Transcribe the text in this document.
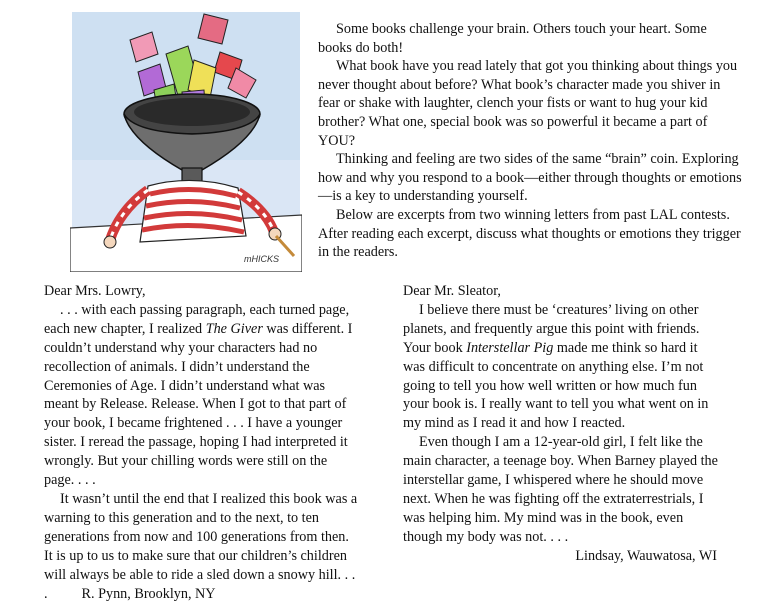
mHICKS

Some books challenge your brain. Others touch your heart. Some books do both!

What book have you read lately that got you thinking about things you never thought about before? What book’s character made you shiver in fear or shake with laughter, clench your fists or want to hug your kid brother? What one, special book was so powerful it became a part of YOU?

Thinking and feeling are two sides of the same “brain” coin. Exploring how and why you respond to a book—either through thoughts or emotions—is a key to understanding yourself.

Below are excerpts from two winning letters from past LAL contests. After reading each excerpt, discuss what thoughts or emotions they trigger in the readers.

Dear Mrs. Lowry,

. . . with each passing paragraph, each turned page, each new chapter, I realized The Giver was different. I couldn’t understand why your characters had no recollection of animals. I didn’t understand the Ceremonies of Age. I didn’t understand what was meant by Release. Release. When I got to that part of your book, I became frightened . . . I have a younger sister. I reread the passage, hoping I had interpreted it wrongly. But your chilling words were still on the page. . . .

It wasn’t until the end that I realized this book was a warning to this generation and to the next, to ten generations from now and 100 generations from then. It is up to us to make sure that our children’s children will always be able to ride a sled down a snowy hill. . . . R. Pynn, Brooklyn, NY

Dear Mr. Sleator,

I believe there must be ‘creatures’ living on other planets, and frequently argue this point with friends. Your book Interstellar Pig made me think so hard it was difficult to concentrate on anything else. I’m not going to tell you how well written or how much fun your book is. I really want to tell you what went on in my mind as I read it and how I reacted.

Even though I am a 12-year-old girl, I felt like the main character, a teenage boy. When Barney played the interstellar game, I whispered where he should move next. When he was fighting off the extraterrestrials, I was helping him. My mind was in the book, even though my body was not. . . .

Lindsay, Wauwatosa, WI
